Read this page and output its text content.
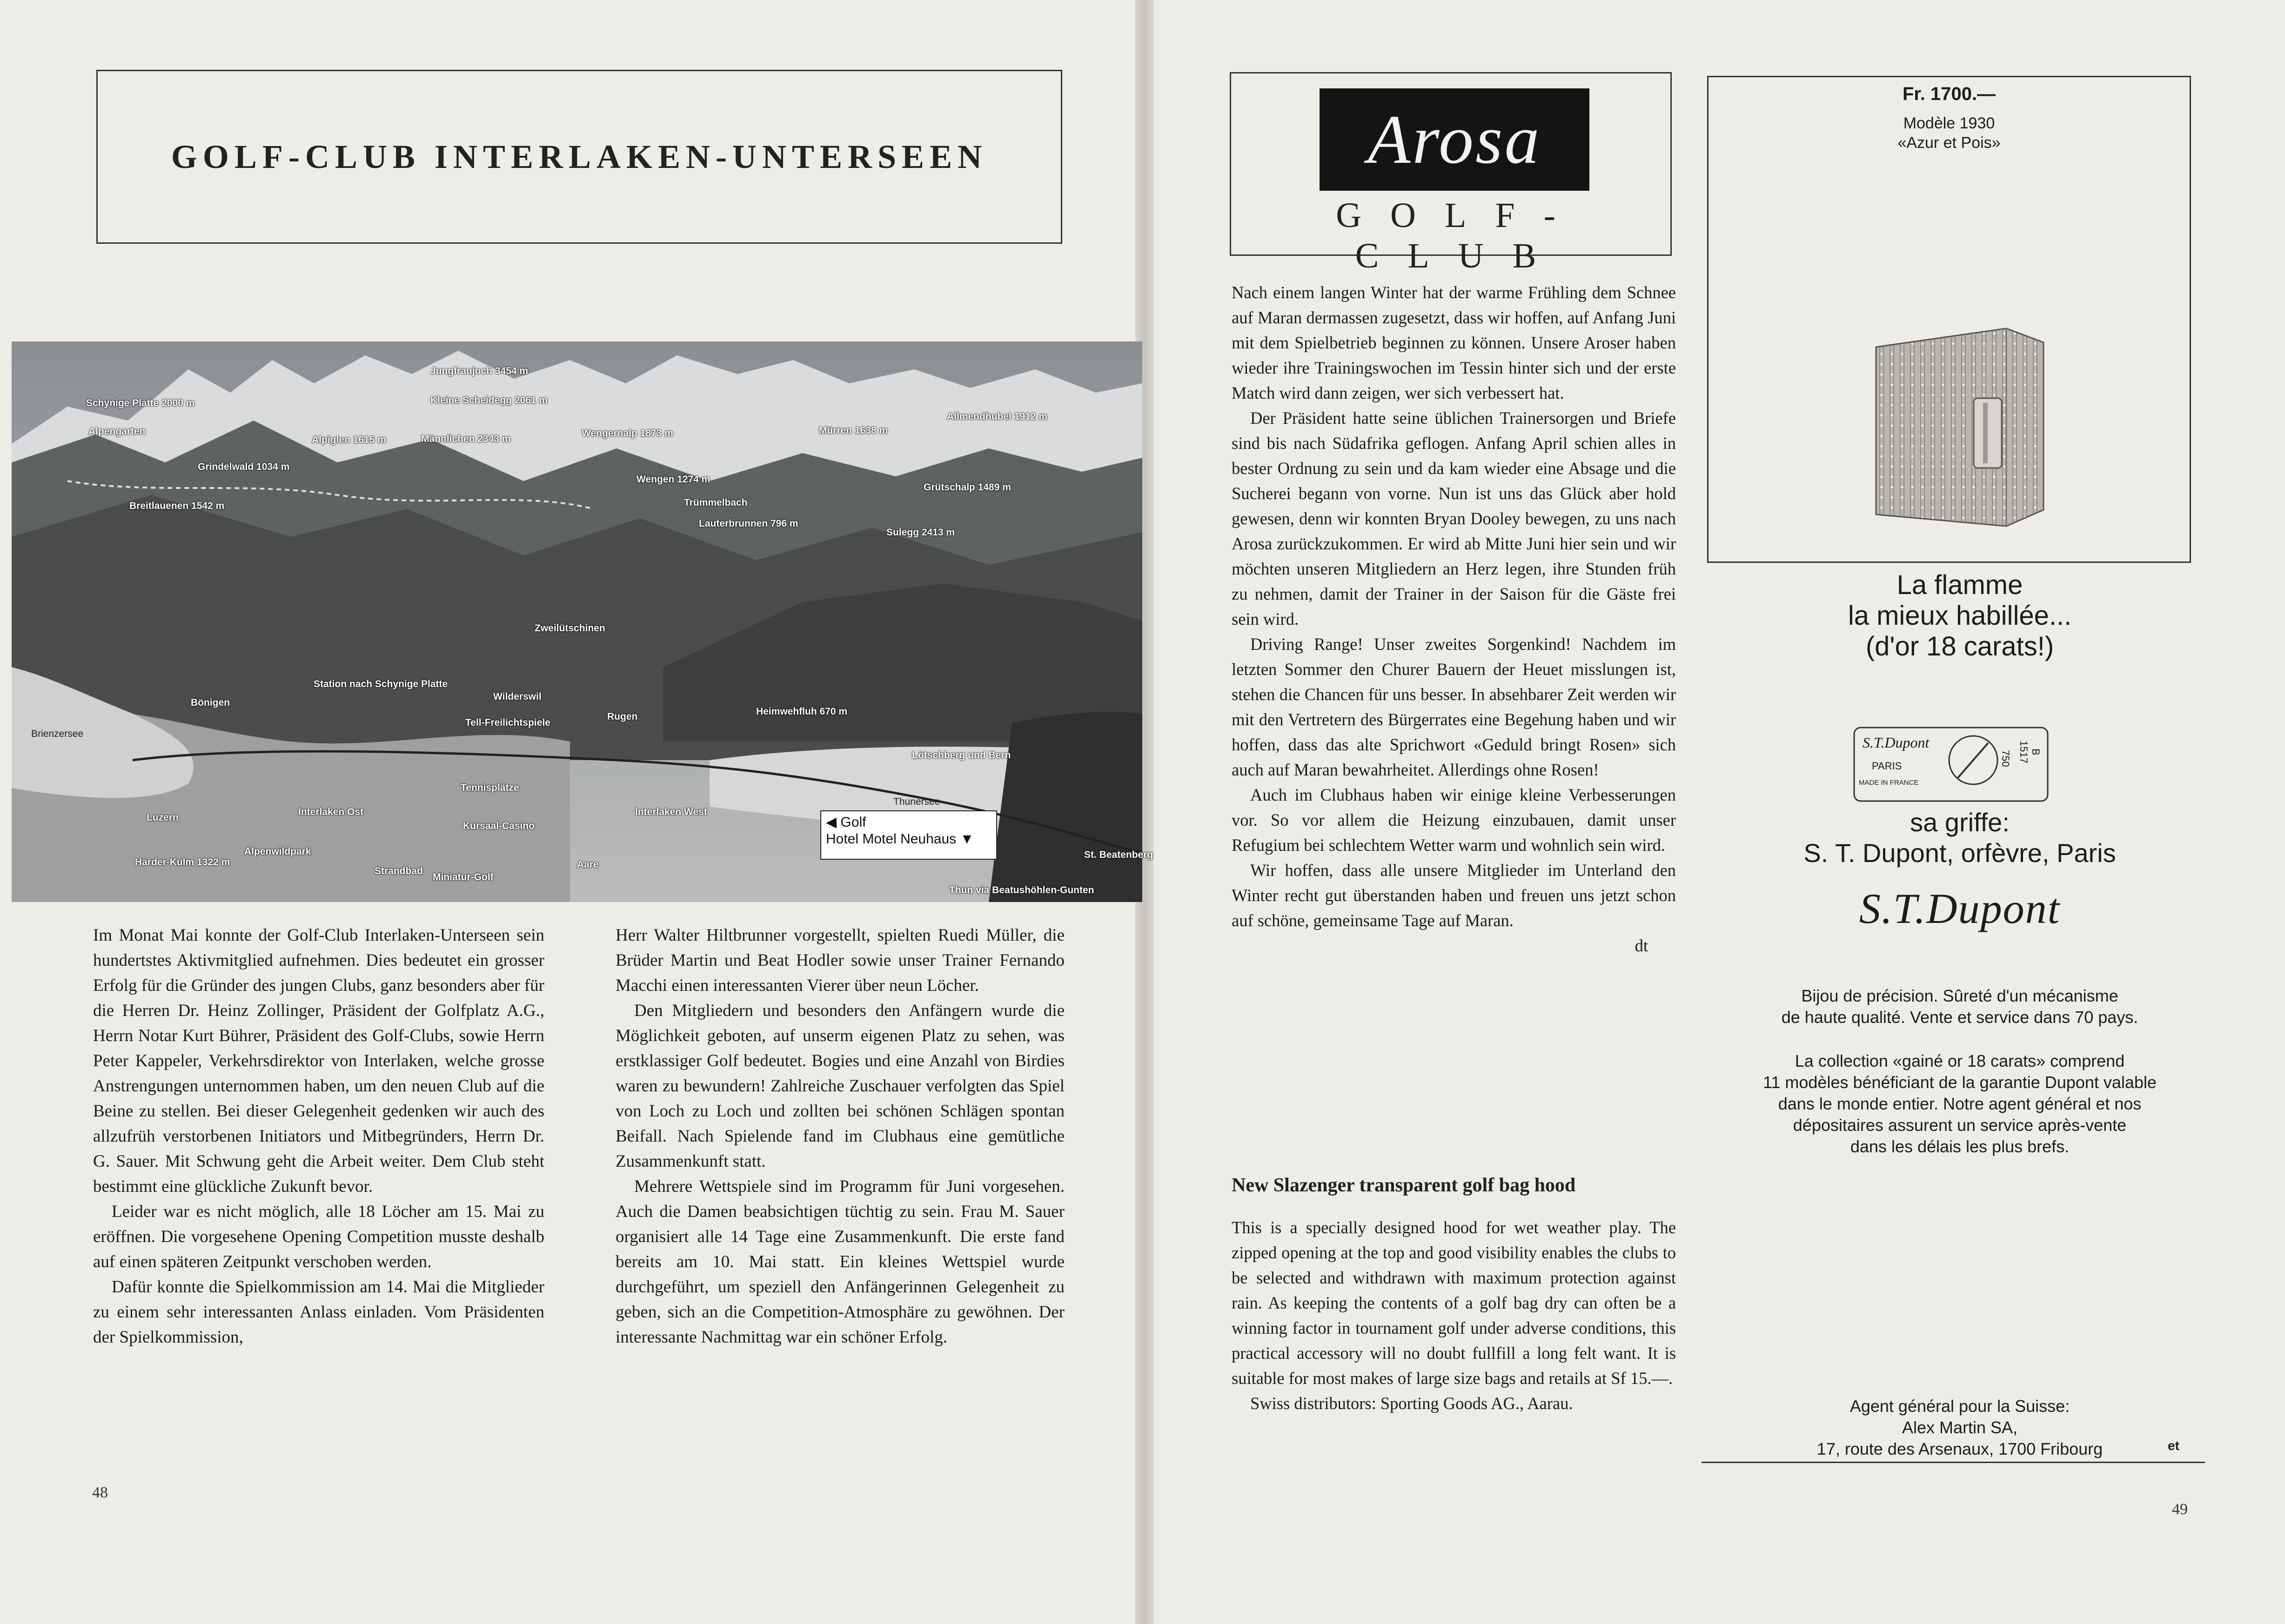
GOLF-CLUB INTERLAKEN-UNTERSEEN
Jungfraujoch 3454 m
Kleine Scheidegg 2061 m
Schynige Platte 2000 m
Alpengarten
Alpiglen 1615 m	Männlichen 2343 m
Wengernalp 1873 m	Mürren 1638 m
Allmendhubel 1912 m
Grindelwald 1034 m
Breitlauenen 1542 m
Wengen 1274 m
Trümmelbach
Lauterbrunnen 796 m
Grütschalp 1489 m
Sulegg 2413 m
Zweilütschinen
Station nach Schynige Platte
Bönigen
Wilderswil
Tell-Freilichtspiele
Rugen	Heimwehfluh 670 m
Brienzersee
Lötschberg und Bern
Tennisplätze
Interlaken Ost	Interlaken West
Kursaal-Casino
Luzern
Alpenwildpark
Thunersee
Harder-Kulm 1322 m
Strandbad
Miniatur-Golf
Aare
St. Beatenberg
Thun via Beatushöhlen-Gunten
◀ Golf
Hotel Motel Neuhaus ▼

Im Monat Mai konnte der Golf-Club Interlaken-Unterseen sein hundertstes Aktivmitglied aufnehmen. Dies bedeutet ein grosser Erfolg für die Gründer des jungen Clubs, ganz besonders aber für die Herren Dr. Heinz Zollinger, Präsident der Golfplatz A.G., Herrn Notar Kurt Bührer, Präsident des Golf-Clubs, sowie Herrn Peter Kappeler, Verkehrsdirektor von Interlaken, welche grosse Anstrengungen unternommen haben, um den neuen Club auf die Beine zu stellen. Bei dieser Gelegenheit gedenken wir auch des allzufrüh verstorbenen Initiators und Mitbegründers, Herrn Dr. G. Sauer. Mit Schwung geht die Arbeit weiter. Dem Club steht bestimmt eine glückliche Zukunft bevor.

Leider war es nicht möglich, alle 18 Löcher am 15. Mai zu eröffnen. Die vorgesehene Opening Competition musste deshalb auf einen späteren Zeitpunkt verschoben werden.

Dafür konnte die Spielkommission am 14. Mai die Mitglieder zu einem sehr interessanten Anlass einladen. Vom Präsidenten der Spielkommission,

Herr Walter Hiltbrunner vorgestellt, spielten Ruedi Müller, die Brüder Martin und Beat Hodler sowie unser Trainer Fernando Macchi einen interessanten Vierer über neun Löcher.

Den Mitgliedern und besonders den Anfängern wurde die Möglichkeit geboten, auf unserm eigenen Platz zu sehen, was erstklassiger Golf bedeutet. Bogies und eine Anzahl von Birdies waren zu bewundern! Zahlreiche Zuschauer verfolgten das Spiel von Loch zu Loch und zollten bei schönen Schlägen spontan Beifall. Nach Spielende fand im Clubhaus eine gemütliche Zusammenkunft statt.

Mehrere Wettspiele sind im Programm für Juni vorgesehen. Auch die Damen beabsichtigen tüchtig zu sein. Frau M. Sauer organisiert alle 14 Tage eine Zusammenkunft. Die erste fand bereits am 10. Mai statt. Ein kleines Wettspiel wurde durchgeführt, um speziell den Anfängerinnen Gelegenheit zu geben, sich an die Competition-Atmosphäre zu gewöhnen. Der interessante Nachmittag war ein schöner Erfolg.

48
Arosa
GOLF-CLUB

Nach einem langen Winter hat der warme Frühling dem Schnee auf Maran dermassen zugesetzt, dass wir hoffen, auf Anfang Juni mit dem Spielbetrieb beginnen zu können. Unsere Aroser haben wieder ihre Trainingswochen im Tessin hinter sich und der erste Match wird dann zeigen, wer sich verbessert hat.

Der Präsident hatte seine üblichen Trainersorgen und Briefe sind bis nach Südafrika geflogen. Anfang April schien alles in bester Ordnung zu sein und da kam wieder eine Absage und die Sucherei begann von vorne. Nun ist uns das Glück aber hold gewesen, denn wir konnten Bryan Dooley bewegen, zu uns nach Arosa zurückzukommen. Er wird ab Mitte Juni hier sein und wir möchten unseren Mitgliedern an Herz legen, ihre Stunden früh zu nehmen, damit der Trainer in der Saison für die Gäste frei sein wird.

Driving Range! Unser zweites Sorgenkind! Nachdem im letzten Sommer den Churer Bauern der Heuet misslungen ist, stehen die Chancen für uns besser. In absehbarer Zeit werden wir mit den Vertretern des Bürgerrates eine Begehung haben und wir hoffen, dass das alte Sprichwort «Geduld bringt Rosen» sich auch auf Maran bewahrheitet. Allerdings ohne Rosen!

Auch im Clubhaus haben wir einige kleine Verbesserungen vor. So vor allem die Heizung einzubauen, damit unser Refugium bei schlechtem Wetter warm und wohnlich sein wird.

Wir hoffen, dass alle unsere Mitglieder im Unterland den Winter recht gut überstanden haben und freuen uns jetzt schon auf schöne, gemeinsame Tage auf Maran.

dt

New Slazenger transparent golf bag hood

This is a specially designed hood for wet weather play. The zipped opening at the top and good visibility enables the clubs to be selected and withdrawn with maximum protection against rain. As keeping the contents of a golf bag dry can often be a winning factor in tournament golf under adverse conditions, this practical accessory will no doubt fullfill a long felt want. It is suitable for most makes of large size bags and retails at Sf 15.—.

Swiss distributors: Sporting Goods AG., Aarau.

49
Fr. 1700.—
Modèle 1930
«Azur et Pois»
La flamme
la mieux habillée...
(d'or 18 carats!)
S.T.Dupont
PARIS
MADE IN FRANCE
750	B 1517
sa griffe:
S. T. Dupont, orfèvre, Paris
S.T.Dupont
Bijou de précision. Sûreté d'un mécanisme
de haute qualité. Vente et service dans 70 pays.
La collection «gainé or 18 carats» comprend
11 modèles bénéficiant de la garantie Dupont valable
dans le monde entier. Notre agent général et nos
dépositaires assurent un service après-vente
dans les délais les plus brefs.
Agent général pour la Suisse:
Alex Martin SA,
17, route des Arsenaux, 1700 Fribourg	et
